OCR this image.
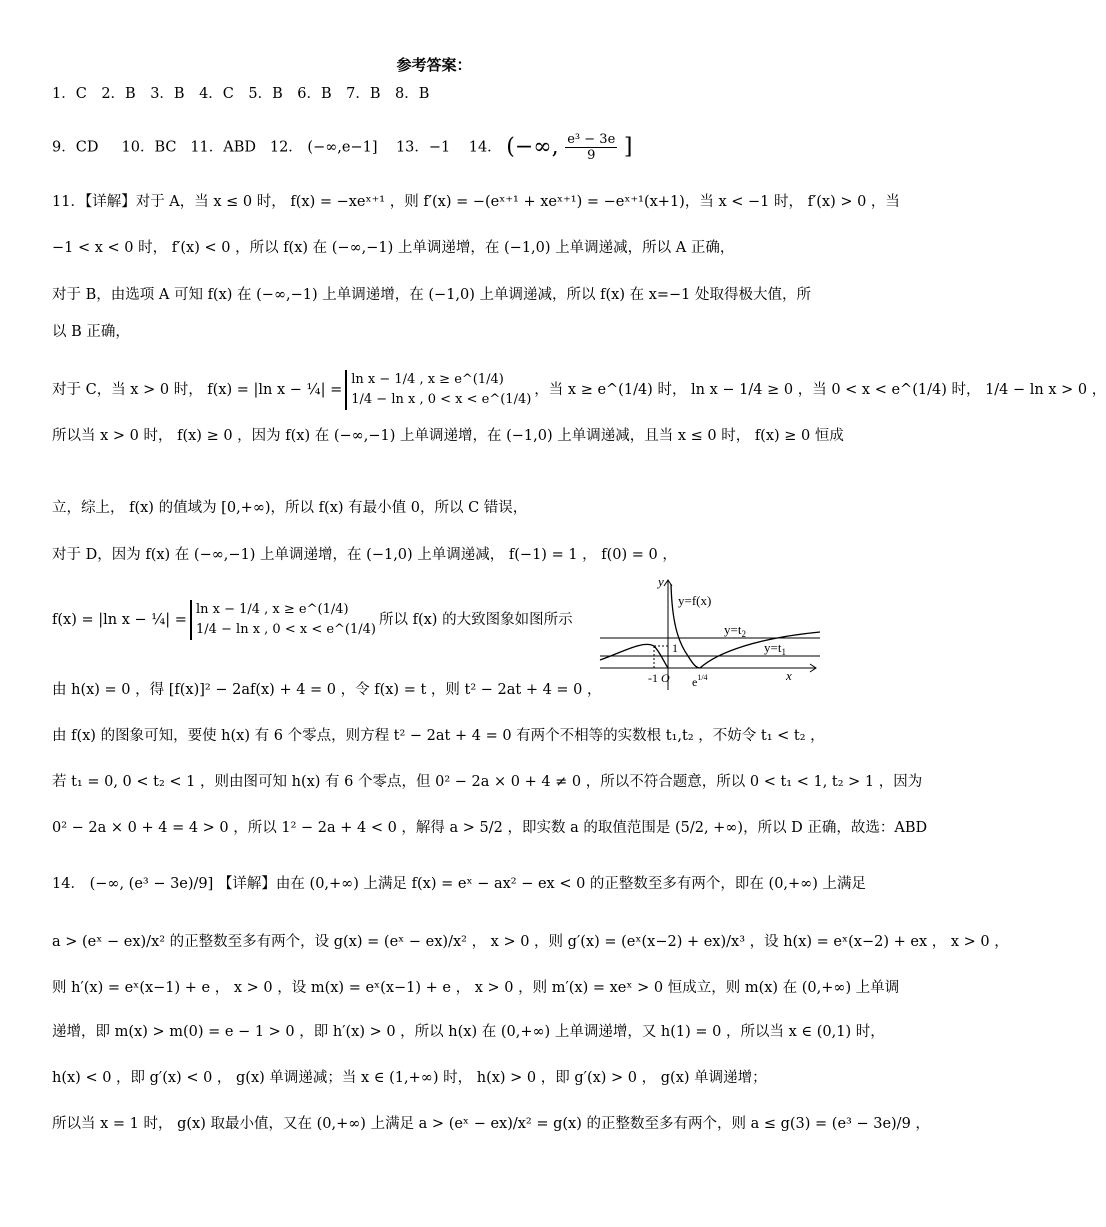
参考答案：
1．C　2．B　3．B　4．C　5．B　6．B　7．B　8．B
9．CD 10．BC 11．ABD 12． (−∞,e−1] 13．−1 14． (−∞, $\frac{\text{e³ − 3e}}{9}$ ]
11．【详解】对于 A，当 x ≤ 0 时， f(x) = −xeˣ⁺¹ ，则 f′(x) = −(eˣ⁺¹ + xeˣ⁺¹) = −eˣ⁺¹(x+1)，当 x < −1 时， f′(x) > 0 ，当
−1 < x < 0 时， f′(x) < 0 ，所以 f(x) 在 (−∞,−1) 上单调递增，在 (−1,0) 上单调递减，所以 A 正确，
对于 B，由选项 A 可知 f(x) 在 (−∞,−1) 上单调递增，在 (−1,0) 上单调递减，所以 f(x) 在 x=−1 处取得极大值，所
以 B 正确，
对于 C，当 x > 0 时， f(x) = |ln x − ¼| =
ln x − 1/4 , x ≥ e^(1/4)
1/4 − ln x , 0 < x < e^(1/4)
，当 x ≥ e^(1/4) 时， ln x − 1/4 ≥ 0 ，当 0 < x < e^(1/4) 时， 1/4 − ln x > 0 ，
所以当 x > 0 时， f(x) ≥ 0 ，因为 f(x) 在 (−∞,−1) 上单调递增，在 (−1,0) 上单调递减，且当 x ≤ 0 时， f(x) ≥ 0 恒成
立，综上， f(x) 的值域为 [0,+∞)，所以 f(x) 有最小值 0，所以 C 错误，
对于 D，因为 f(x) 在 (−∞,−1) 上单调递增，在 (−1,0) 上单调递减， f(−1) = 1 ， f(0) = 0 ，
f(x) = |ln x − ¼| =
ln x − 1/4 , x ≥ e^(1/4)
1/4 − ln x , 0 < x < e^(1/4)
所以 f(x) 的大致图象如图所示
y
x
y=f(x)
$y=t_2$
$y=t_1$
1
-1 O $e^{1/4}$
由 h(x) = 0 ，得 [f(x)]² − 2af(x) + 4 = 0 ，令 f(x) = t ，则 t² − 2at + 4 = 0 ，
由 f(x) 的图象可知，要使 h(x) 有 6 个零点，则方程 t² − 2at + 4 = 0 有两个不相等的实数根 t₁,t₂ ，不妨令 t₁ < t₂ ，
若 t₁ = 0, 0 < t₂ < 1 ，则由图可知 h(x) 有 6 个零点，但 0² − 2a × 0 + 4 ≠ 0 ，所以不符合题意，所以 0 < t₁ < 1, t₂ > 1 ，因为
0² − 2a × 0 + 4 = 4 > 0 ，所以 1² − 2a + 4 < 0 ，解得 a > 5/2 ，即实数 a 的取值范围是 (5/2, +∞)，所以 D 正确，故选：ABD
14． (−∞, (e³ − 3e)/9] 【详解】由在 (0,+∞) 上满足 f(x) = eˣ − ax² − ex < 0 的正整数至多有两个，即在 (0,+∞) 上满足
a > (eˣ − ex)/x² 的正整数至多有两个，设 g(x) = (eˣ − ex)/x² ， x > 0 ，则 g′(x) = (eˣ(x−2) + ex)/x³ ，设 h(x) = eˣ(x−2) + ex ， x > 0 ，
则 h′(x) = eˣ(x−1) + e ， x > 0 ，设 m(x) = eˣ(x−1) + e ， x > 0 ，则 m′(x) = xeˣ > 0 恒成立，则 m(x) 在 (0,+∞) 上单调
递增，即 m(x) > m(0) = e − 1 > 0 ，即 h′(x) > 0 ，所以 h(x) 在 (0,+∞) 上单调递增，又 h(1) = 0 ，所以当 x ∈ (0,1) 时，
h(x) < 0 ，即 g′(x) < 0 ， g(x) 单调递减；当 x ∈ (1,+∞) 时， h(x) > 0 ，即 g′(x) > 0 ， g(x) 单调递增；
所以当 x = 1 时， g(x) 取最小值，又在 (0,+∞) 上满足 a > (eˣ − ex)/x² = g(x) 的正整数至多有两个，则 a ≤ g(3) = (e³ − 3e)/9 ，
